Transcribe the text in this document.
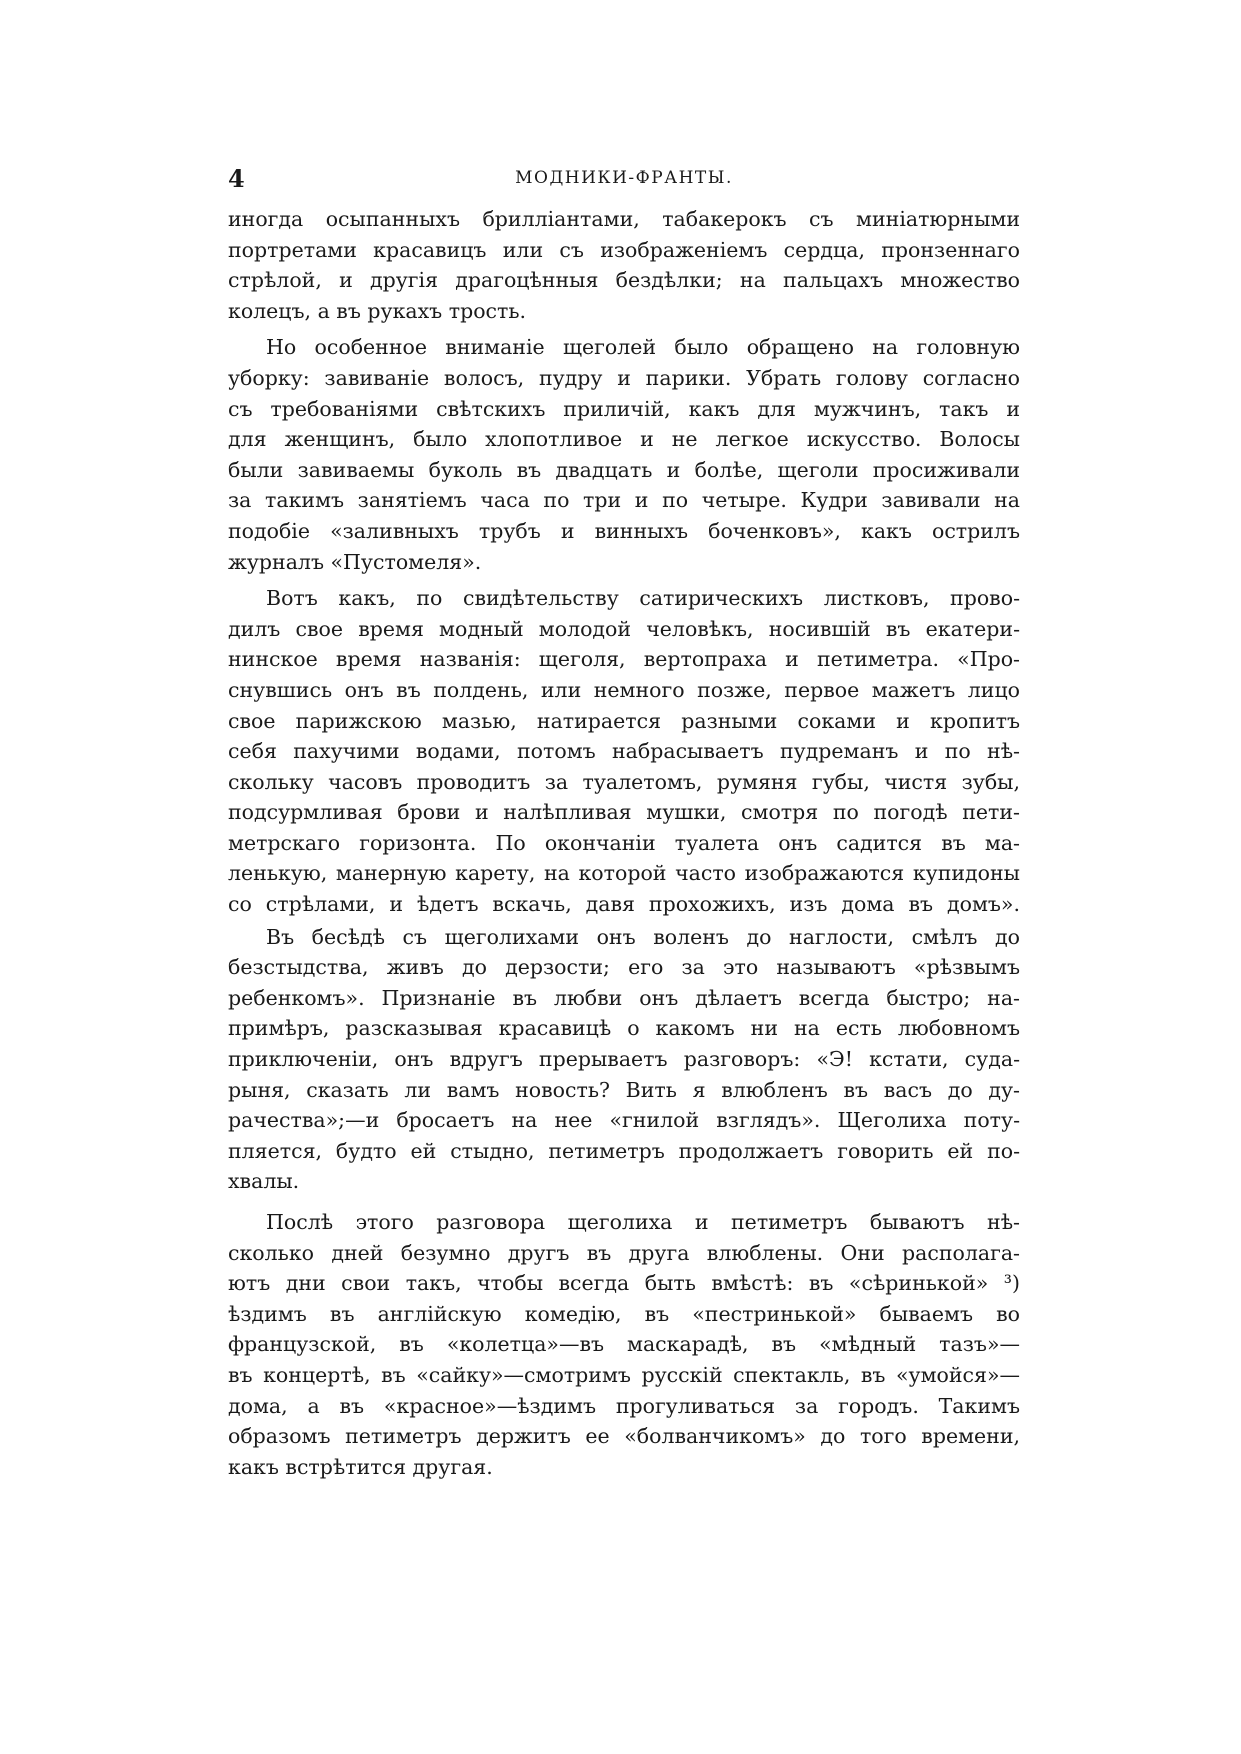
4	МОДНИКИ-ФРАНТЫ.
иногда осыпанныхъ бриллiантами, табакерокъ съ миніатюрными
портретами красавицъ или съ изображенiемъ сердца, пронзеннаго
стрѣлой, и другiя драгоцѣнныя бездѣлки; на пальцахъ множество
колецъ, а въ рукахъ трость.
Но особенное вниманiе щеголей было обращено на головную
уборку: завиванiе волосъ, пудру и парики. Убрать голову согласно
съ требованiями свѣтскихъ приличiй, какъ для мужчинъ, такъ и
для женщинъ, было хлопотливое и не легкое искусство. Волосы
были завиваемы буколь въ двадцать и болѣе, щеголи просиживали
за такимъ занятiемъ часа по три и по четыре. Кудри завивали на
подобiе «заливныхъ трубъ и винныхъ боченковъ», какъ острилъ
журналъ «Пустомеля».
Вотъ какъ, по свидѣтельству сатирическихъ листковъ, прово-
дилъ свое время модный молодой человѣкъ, носившiй въ екатери-
нинское время названiя: щеголя, вертопраха и петиметра. «Про-
снувшись онъ въ полдень, или немного позже, первое мажетъ лицо
свое парижскою мазью, натирается разными соками и кропитъ
себя пахучими водами, потомъ набрасываетъ пудреманъ и по нѣ-
скольку часовъ проводитъ за туалетомъ, румяня губы, чистя зубы,
подсурмливая брови и налѣпливая мушки, смотря по погодѣ пети-
метрскаго горизонта. По окончанiи туалета онъ садится въ ма-
ленькую, манерную карету, на которой часто изображаются купидоны
со стрѣлами, и ѣдетъ вскачь, давя прохожихъ, изъ дома въ домъ».
Въ бесѣдѣ съ щеголихами онъ воленъ до наглости, смѣлъ до
безстыдства, живъ до дерзости; его за это называютъ «рѣзвымъ
ребенкомъ». Признанiе въ любви онъ дѣлаетъ всегда быстро; на-
примѣръ, разсказывая красавицѣ о какомъ ни на есть любовномъ
приключенiи, онъ вдругъ прерываетъ разговоръ: «Э! кстати, суда-
рыня, сказать ли вамъ новость? Вить я влюбленъ въ васъ до ду-
рачества»;—и бросаетъ на нее «гнилой взглядъ». Щеголиха поту-
пляется, будто ей стыдно, петиметръ продолжаетъ говорить ей по-
хвалы.
Послѣ этого разговора щеголиха и петиметръ бываютъ нѣ-
сколько дней безумно другъ въ друга влюблены. Они располага-
ютъ дни свои такъ, чтобы всегда быть вмѣстѣ: въ «сѣринькой» ³)
ѣздимъ въ англiйскую комедiю, въ «пестринькой» бываемъ во
французской, въ «колетца»—въ маскарадѣ, въ «мѣдный тазъ»—
въ концертѣ, въ «сайку»—смотримъ русскiй спектакль, въ «умойся»—
дома, а въ «красное»—ѣздимъ прогуливаться за городъ. Такимъ
образомъ петиметръ держитъ ее «болванчикомъ» до того времени,
какъ встрѣтится другая.
